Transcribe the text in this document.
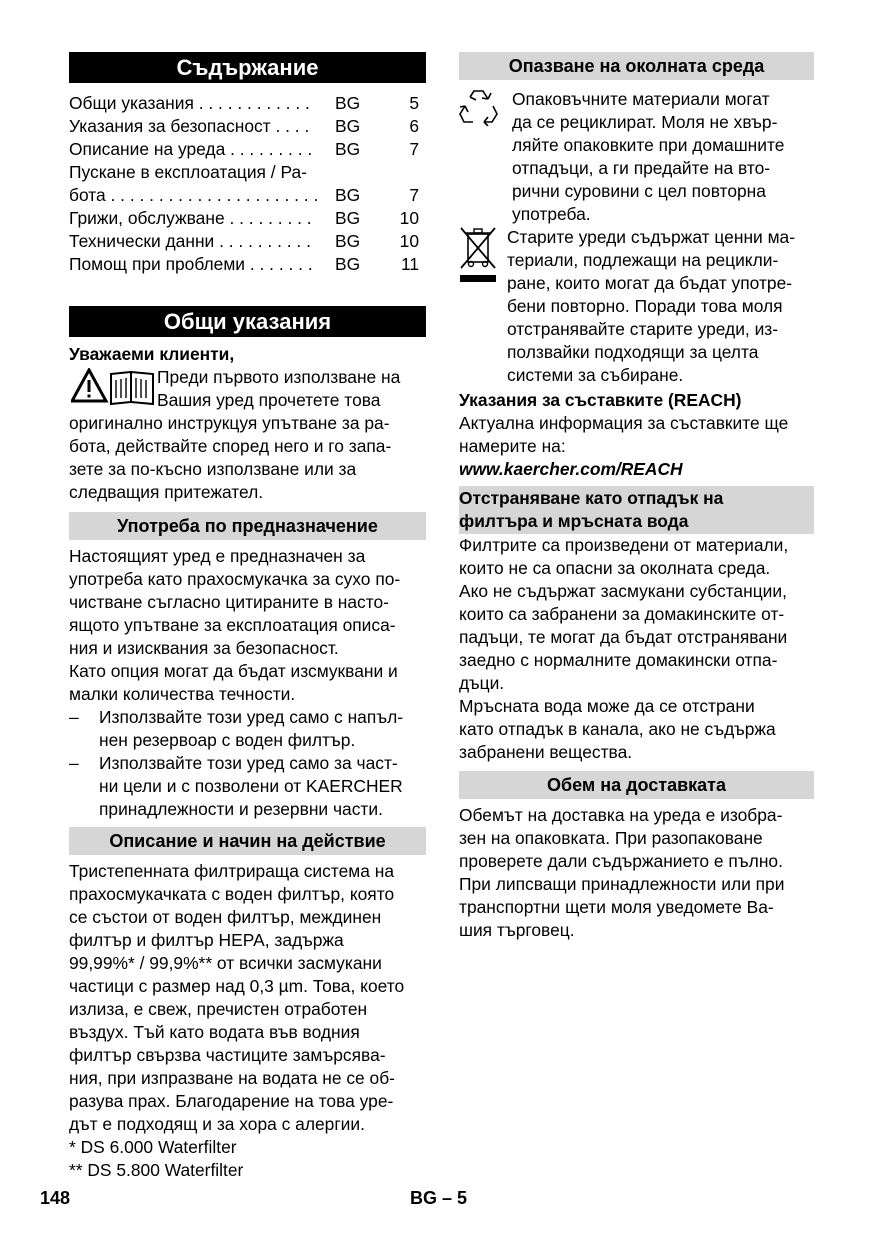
Съдържание
Общи указания . . . . . . . . . . . .	BG	5
Указания за безопасност . . . .	BG	6
Описание на уреда . . . . . . . . .	BG	7
Пускане в експлоатация / Ра-
бота . . . . . . . . . . . . . . . . . . . . . . BG	7
Грижи, обслужване . . . . . . . . .	BG	10
Технически данни . . . . . . . . . .	BG	10
Помощ при проблеми . . . . . . .	BG	11
Общи указания

Уважаеми клиенти,

Преди първото използване на

Вашия уред прочетете това

оригинално инструкцуя упътване за ра-

бота, действайте според него и го запа-

зете за по-късно използване или за

следващия притежател.

Употреба по предназначение

Настоящият уред е предназначен за

употреба като прахосмукачка за сухо по-

чистване съгласно цитираните в насто-

ящото упътване за експлоатация описа-

ния и изисквания за безопасност.

Като опция могат да бъдат изсмуквани и

малки количества течности.

–	Използвайте този уред само с напъл-

нен резервоар с воден филтър.

–	Използвайте този уред само за част-

ни цели и с позволени от KAERCHER

принадлежности и резервни части.

Описание и начин на действие

Тристепенната филтрираща система на

прахосмукачката с воден филтър, която

се състои от воден филтър, междинен

филтър и филтър НЕРА, задържа

99,99%* / 99,9%** от всички засмукани

частици с размер над 0,3 µm. Това, което

излиза, е свеж, пречистен отработен

въздух. Тъй като водата във водния

филтър свързва частиците замърсява-

ния, при изпразване на водата не се об-

разува прах. Благодарение на това уре-

дът е подходящ и за хора с алергии.

* DS 6.000 Waterfilter

** DS 5.800 Waterfilter

Опазване на околната среда

Опаковъчните материали могат

да се рециклират. Моля не хвър-

ляйте опаковките при домашните

отпадъци, а ги предайте на вто-

рични суровини с цел повторна

употреба.

Старите уреди съдържат ценни ма-

териали, подлежащи на рецикли-

ране, които могат да бъдат употре-

бени повторно. Поради това моля

отстранявайте старите уреди, из-

ползвайки подходящи за целта

системи за събиране.

Указания за съставките (REACH)

Актуална информация за съставките ще

намерите на:

www.kaercher.com/REACH

Отстраняване като отпадък на

филтъра и мръсната вода

Филтрите са произведени от материали,

които не са опасни за околната среда.

Ако не съдържат засмукани субстанции,

които са забранени за домакинските от-

падъци, те могат да бъдат отстранявани

заедно с нормалните домакински отпа-

дъци.

Мръсната вода може да се отстрани

като отпадък в канала, ако не съдържа

забранени вещества.

Обем на доставката

Обемът на доставка на уреда е изобра-

зен на опаковката. При разопаковане

проверете дали съдържанието е пълно.

При липсващи принадлежности или при

транспортни щети моля уведомете Ва-

шия търговец.

148	BG – 5
